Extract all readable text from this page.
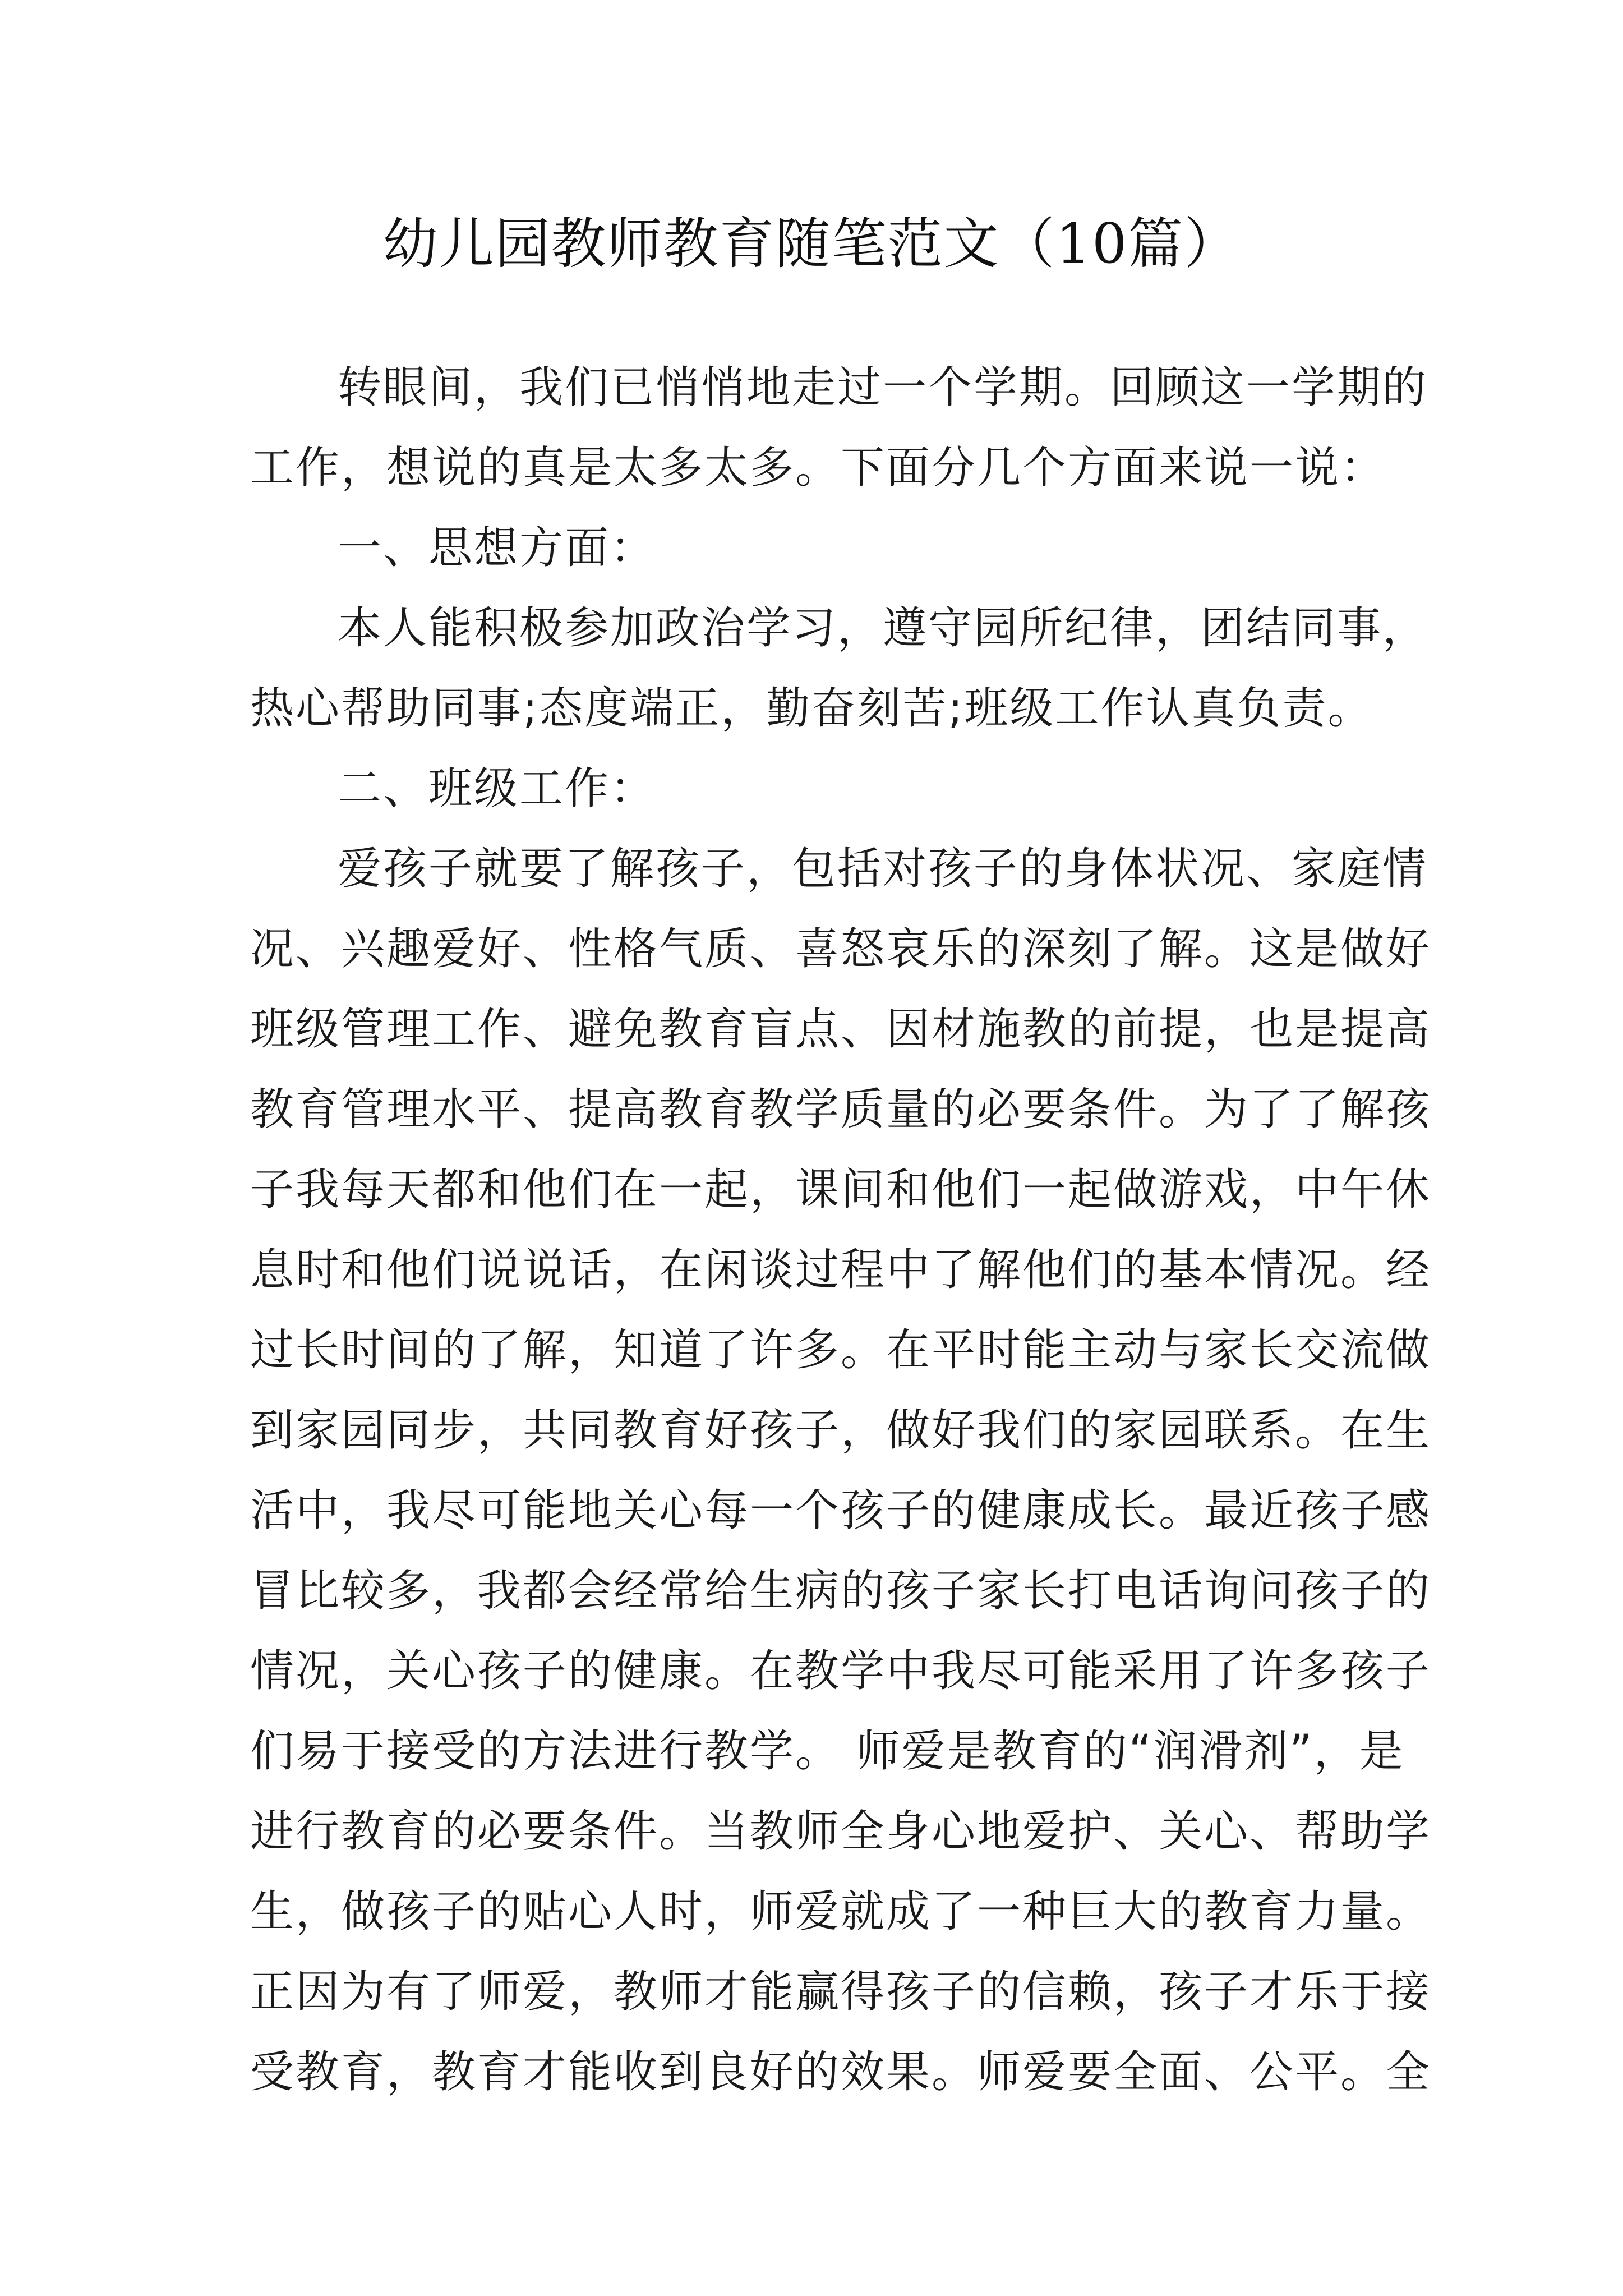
幼儿园教师教育随笔范文（10篇）
转眼间，我们已悄悄地走过一个学期。回顾这一学期的
工作，想说的真是太多太多。下面分几个方面来说一说：
一、思想方面：
本人能积极参加政治学习，遵守园所纪律，团结同事，
热心帮助同事;态度端正，勤奋刻苦;班级工作认真负责。
二、班级工作：
爱孩子就要了解孩子，包括对孩子的身体状况、家庭情
况、兴趣爱好、性格气质、喜怒哀乐的深刻了解。这是做好
班级管理工作、避免教育盲点、因材施教的前提，也是提高
教育管理水平、提高教育教学质量的必要条件。为了了解孩
子我每天都和他们在一起，课间和他们一起做游戏，中午休
息时和他们说说话，在闲谈过程中了解他们的基本情况。经
过长时间的了解，知道了许多。在平时能主动与家长交流做
到家园同步，共同教育好孩子，做好我们的家园联系。在生
活中，我尽可能地关心每一个孩子的健康成长。最近孩子感
冒比较多，我都会经常给生病的孩子家长打电话询问孩子的
情况，关心孩子的健康。在教学中我尽可能采用了许多孩子
们易于接受的方法进行教学。 师爱是教育的“润滑剂”，是
进行教育的必要条件。当教师全身心地爱护、关心、帮助学
生，做孩子的贴心人时，师爱就成了一种巨大的教育力量。
正因为有了师爱，教师才能赢得孩子的信赖，孩子才乐于接
受教育，教育才能收到良好的效果。师爱要全面、公平。全
